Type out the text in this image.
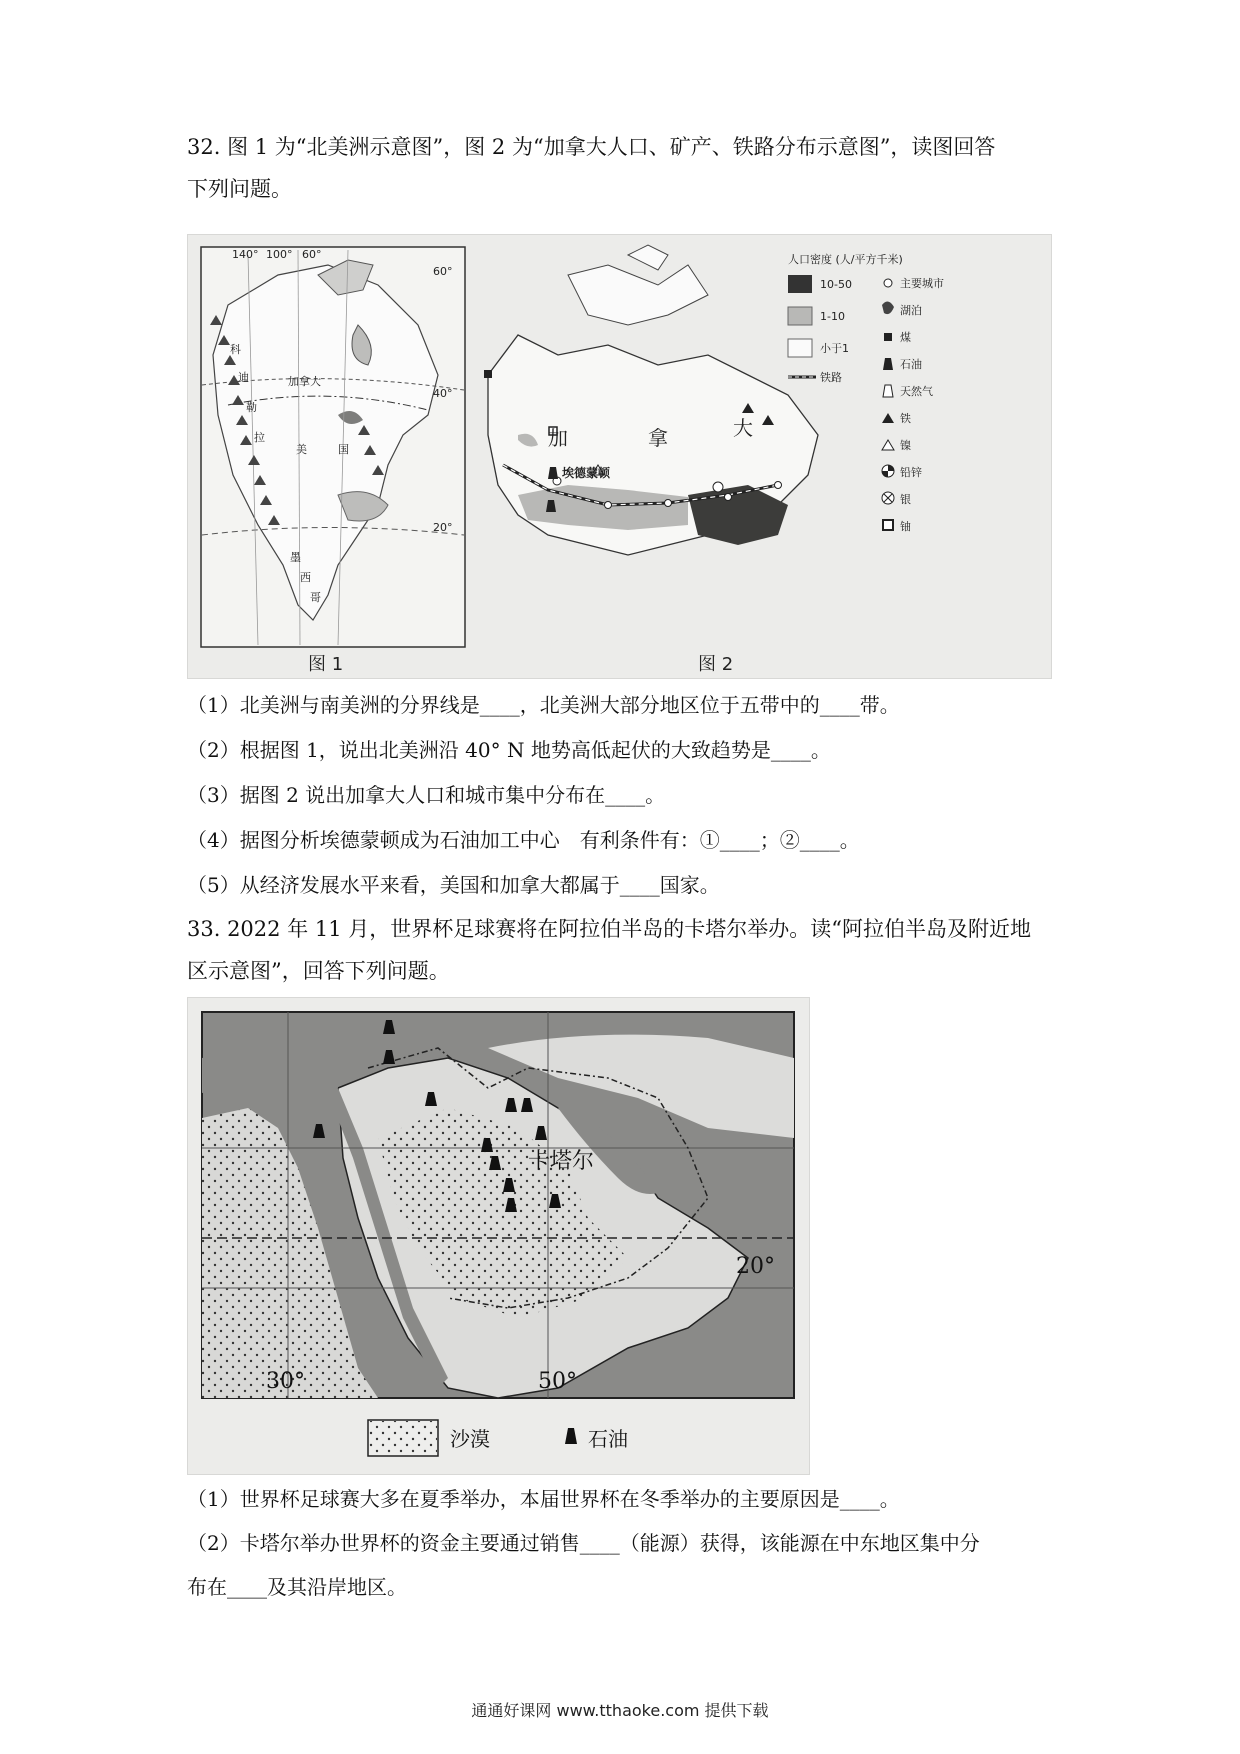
32. 图 1 为“北美洲示意图”，图 2 为“加拿大人口、矿产、铁路分布示意图”，读图回答
下列问题。
140° 100° 60°
40°
20°
60°
科
迪
勒
拉
墨
西
哥
加拿大
美	国
图 1
加	拿	大
埃德蒙顿
图 2
人口密度 (人/平方千米)
10-50
1-10
小于1
铁路
主要城市
湖泊
煤
石油
天然气
铁
镍
铅锌
银
铀
（1）北美洲与南美洲的分界线是____，北美洲大部分地区位于五带中的____带。
（2）根据图 1，说出北美洲沿 40° N 地势高低起伏的大致趋势是____。
（3）据图 2 说出加拿大人口和城市集中分布在____。
（4）据图分析埃德蒙顿成为石油加工中心　有利条件有：①____；②____。
（5）从经济发展水平来看，美国和加拿大都属于____国家。
33. 2022 年 11 月，世界杯足球赛将在阿拉伯半岛的卡塔尔举办。读“阿拉伯半岛及附近地
区示意图”，回答下列问题。
卡塔尔
20°
30°	50°
沙漠	石油
（1）世界杯足球赛大多在夏季举办，本届世界杯在冬季举办的主要原因是____。
（2）卡塔尔举办世界杯的资金主要通过销售____（能源）获得，该能源在中东地区集中分
布在____及其沿岸地区。
通通好课网 www.tthaoke.com 提供下载
